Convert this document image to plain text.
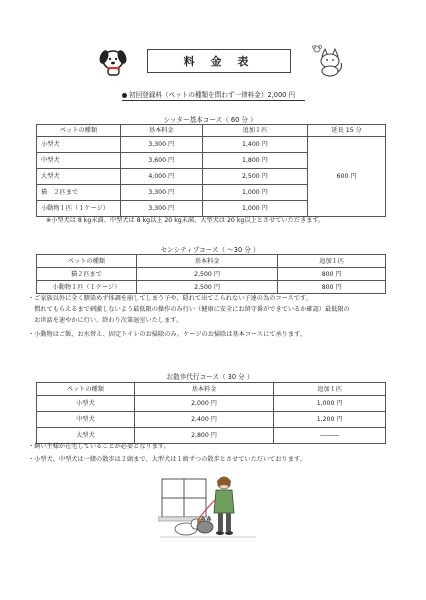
料 金 表
初回登録料（ペットの種類を問わず一律料金）2,000 円
シッター基本コース（ 60 分 ）
ペットの種類	基本料金	追加１匹	延長 15 分
小型犬	3,300 円	1,400 円	600 円
中型犬	3,600 円	1,800 円	
大型犬	4,000 円	2,500 円	
猫　２匹まで	3,300 円	1,000 円	
小動物１匹（１ケージ）	3,300 円	1,000 円	
※小型犬は 8 kg未満、中型犬は 8 kg以上 20 kg未満、大型犬は 20 kg以上とさせていただきます。
センシティブコース（ ～30 分 ）
ペットの種類	基本料金	追加１匹
猫２匹まで	2,500 円	800 円
小動物１匹（１ケージ）	2,500 円	800 円
・ご家族以外に全く馴染めず体調を崩してしまう子や、隠れて出てこられない子達の為のコースです。
　慣れてもらえるまで刺激しないよう最低限の操作のみ行い（健康に安全にお留守番ができているか確認）最低限の
　お世話を速やかに行い、終わり次第退室いたします。
・小動物はご飯、お水替え、固定トイレのお掃除のみ。ケージのお掃除は基本コースにて承ります。
お散歩代行コース（ 30 分 ）
ペットの種類	基本料金	追加１匹
小型犬	2,000 円	1,000 円
中型犬	2,400 円	1,200 円
大型犬	2,800 円	―――
・飼い主様が在宅していることが必要となります。
・小型犬、中型犬は一緒の散歩は２頭まで、大型犬は１頭ずつの散歩とさせていただいております。
